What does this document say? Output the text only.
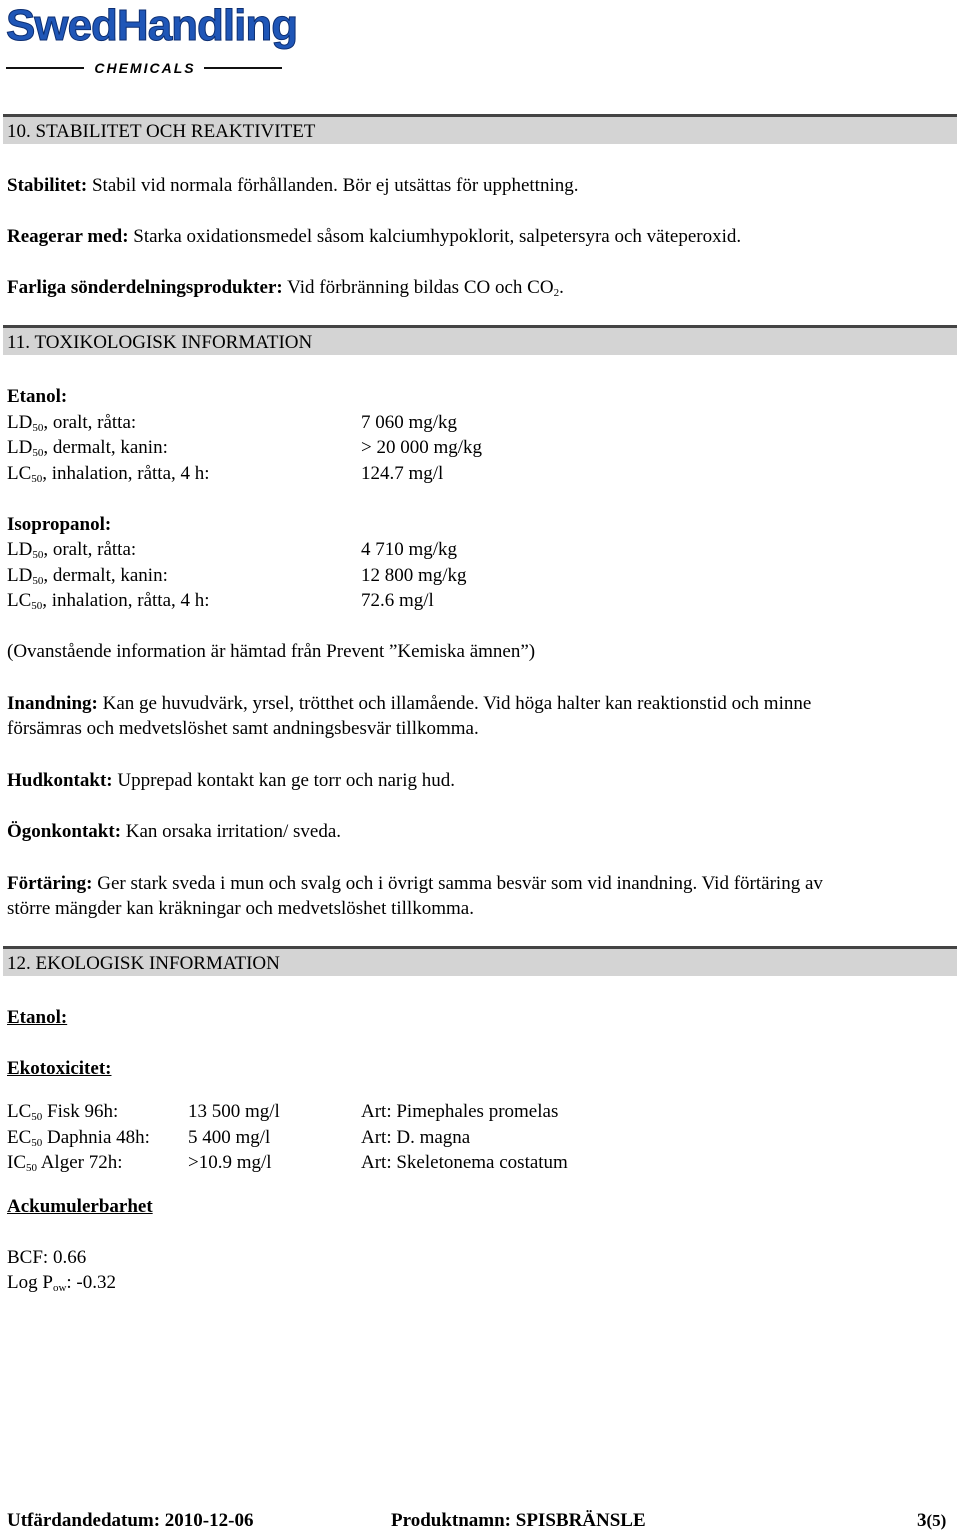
SwedHandling
CHEMICALS
10. STABILITET OCH REAKTIVITET
Stabilitet: Stabil vid normala förhållanden. Bör ej utsättas för upphettning.
Reagerar med: Starka oxidationsmedel såsom kalciumhypoklorit, salpetersyra och väteperoxid.
Farliga sönderdelningsprodukter: Vid förbränning bildas CO och $CO_2$.
11. TOXIKOLOGISK INFORMATION
Etanol:
$LD_{50}$, oralt, råtta:	7 060 mg/kg
$LD_{50}$, dermalt, kanin:	> 20 000 mg/kg
$LC_{50}$, inhalation, råtta, 4 h:	124.7 mg/l
Isopropanol:
$LD_{50}$, oralt, råtta:	4 710 mg/kg
$LD_{50}$, dermalt, kanin:	12 800 mg/kg
$LC_{50}$, inhalation, råtta, 4 h:	72.6 mg/l
(Ovanstående information är hämtad från Prevent ”Kemiska ämnen”)
Inandning: Kan ge huvudvärk, yrsel, trötthet och illamående. Vid höga halter kan reaktionstid och minne
försämras och medvetslöshet samt andningsbesvär tillkomma.
Hudkontakt: Upprepad kontakt kan ge torr och narig hud.
Ögonkontakt: Kan orsaka irritation/ sveda.
Förtäring: Ger stark sveda i mun och svalg och i övrigt samma besvär som vid inandning. Vid förtäring av
större mängder kan kräkningar och medvetslöshet tillkomma.
12. EKOLOGISK INFORMATION
Etanol:
Ekotoxicitet:
$LC_{50}$ Fisk 96h:	13 500 mg/l	Art: Pimephales promelas
$EC_{50}$ Daphnia 48h: 5 400 mg/l	Art: D. magna
$IC_{50}$ Alger 72h:	>10.9 mg/l	Art: Skeletonema costatum
Ackumulerbarhet
BCF: 0.66
Log $P_{ow}$: -0.32
Utfärdandedatum: 2010-12-06	Produktnamn: SPISBRÄNSLE	3(5)
